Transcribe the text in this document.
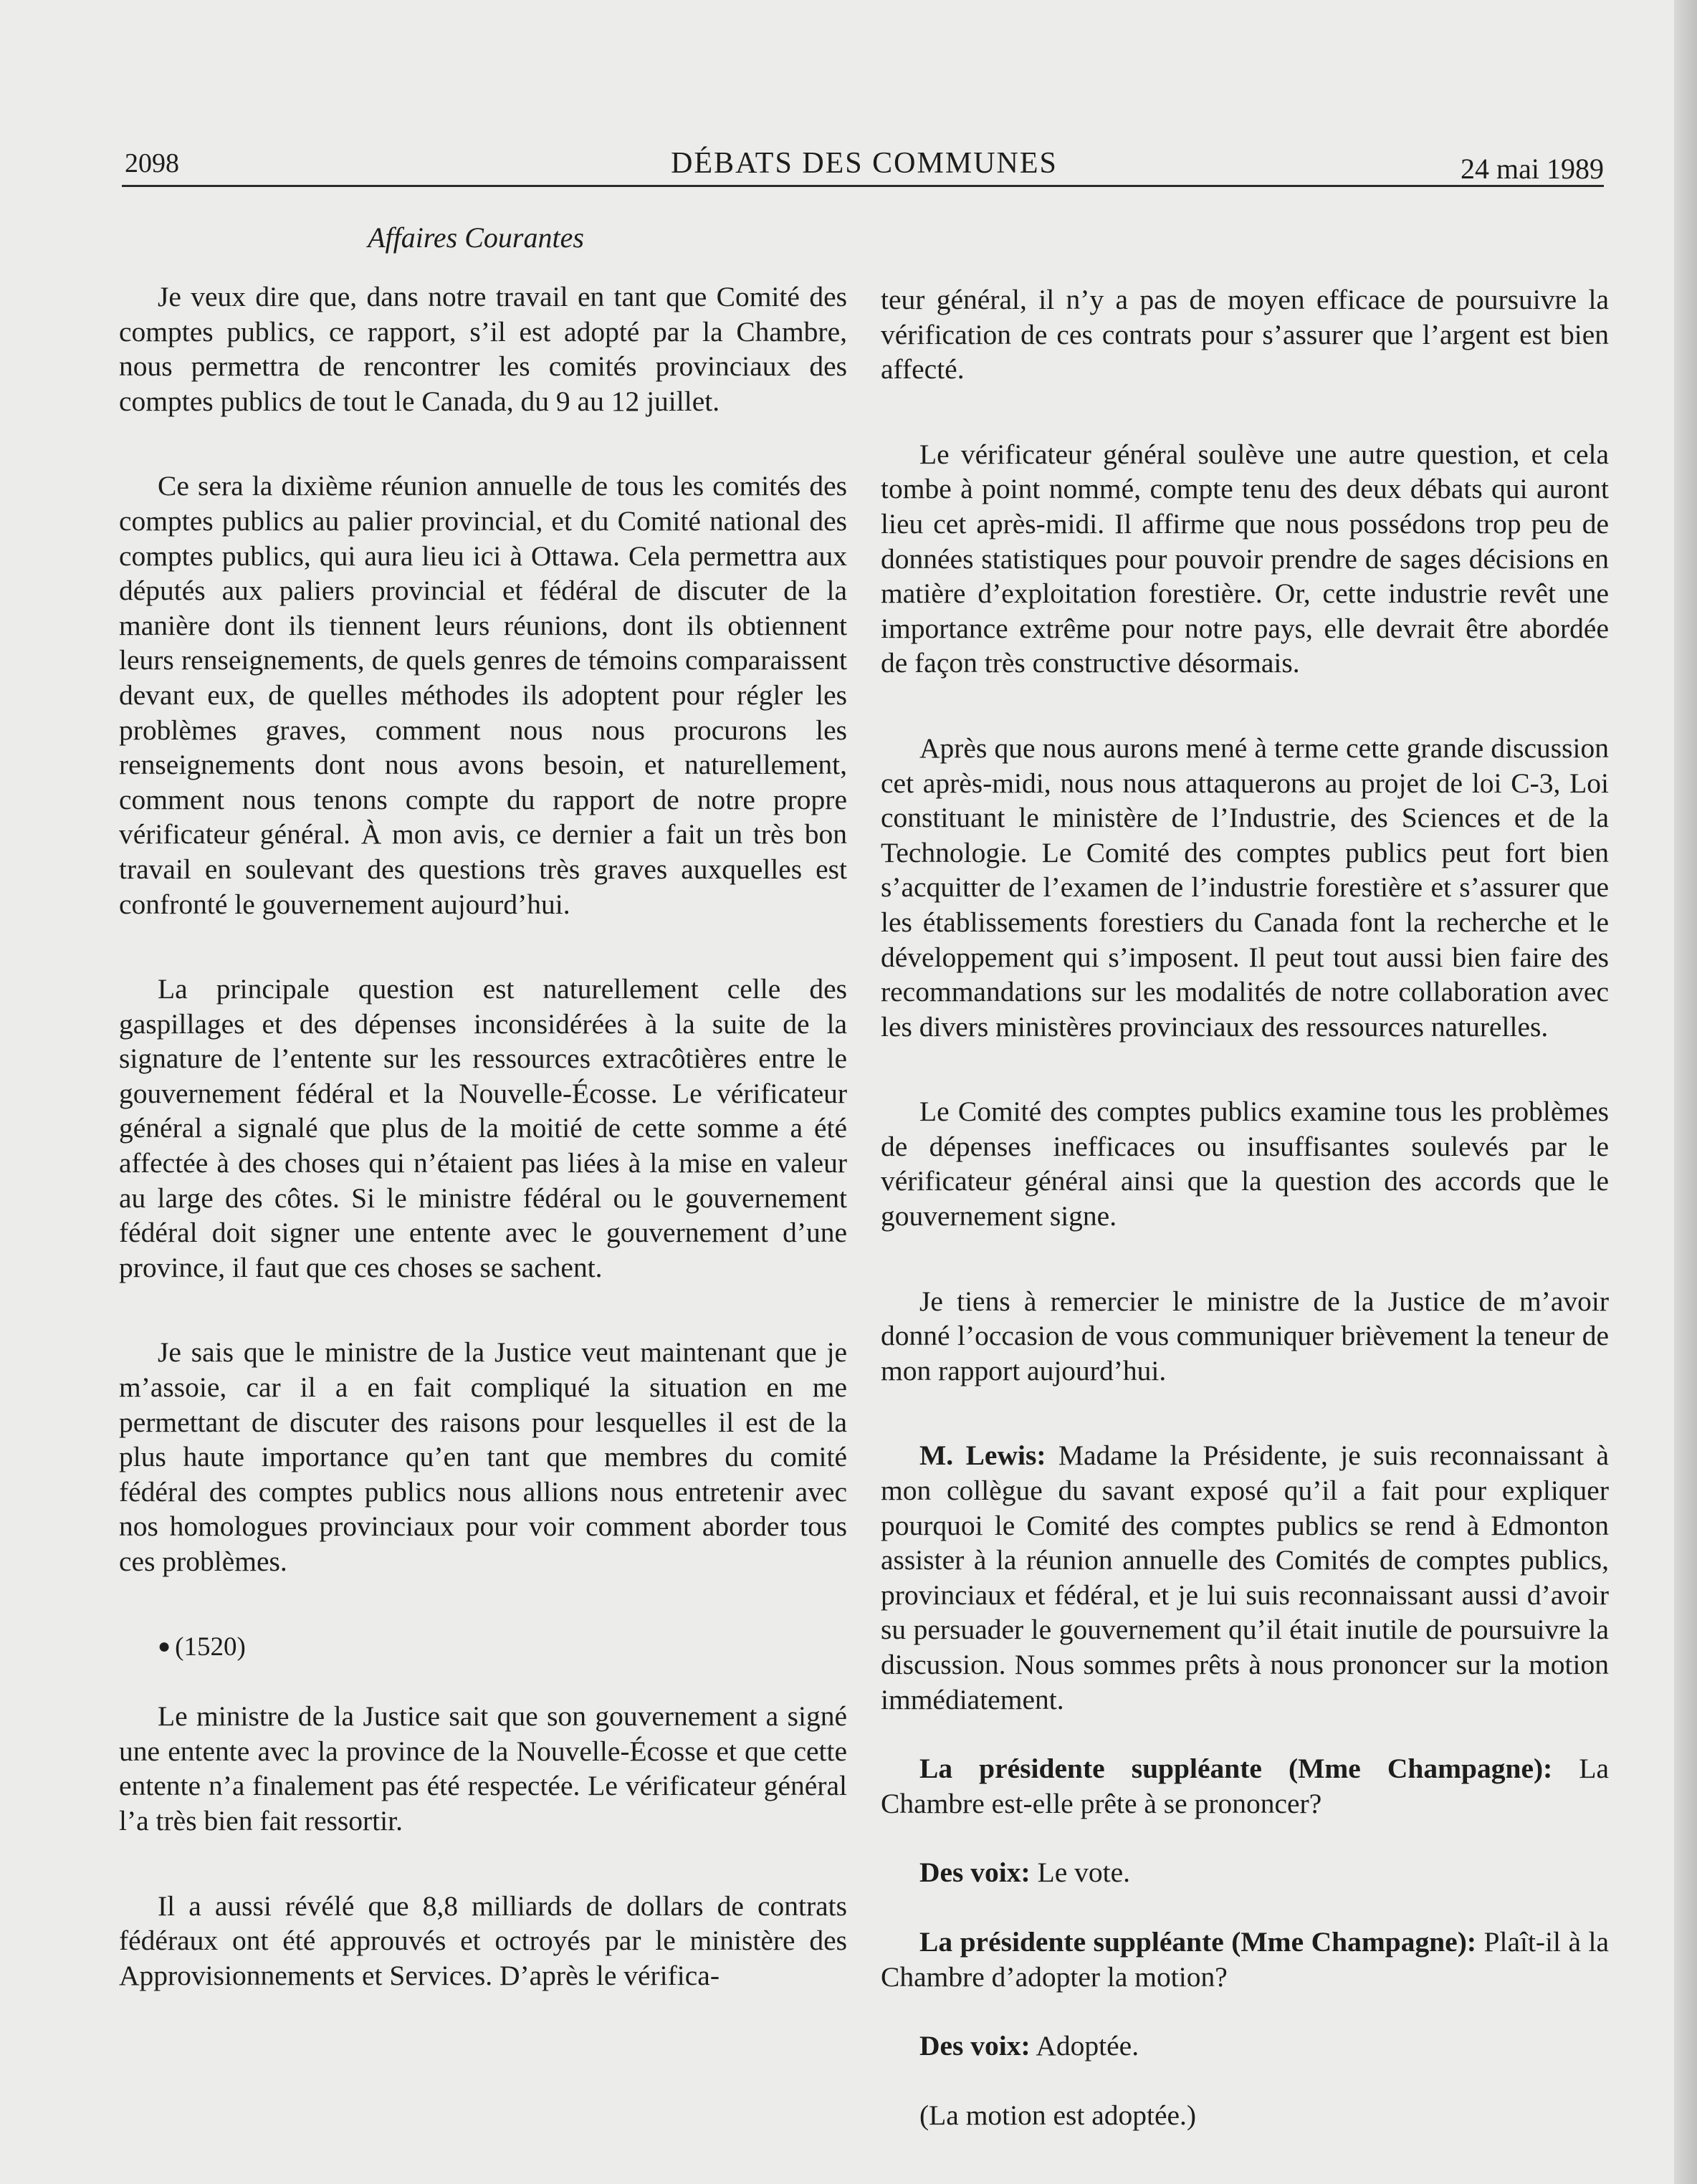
2098	DÉBATS DES COMMUNES	24 mai 1989
Affaires Courantes

Je veux dire que, dans notre travail en tant que Comité des comptes publics, ce rapport, s’il est adopté par la Chambre, nous permettra de rencontrer les comités provinciaux des comptes publics de tout le Canada, du 9 au 12 juillet.

Ce sera la dixième réunion annuelle de tous les comités des comptes publics au palier provincial, et du Comité national des comptes publics, qui aura lieu ici à Ottawa. Cela permettra aux députés aux paliers provincial et fédéral de discuter de la manière dont ils tiennent leurs réunions, dont ils obtiennent leurs renseignements, de quels genres de témoins comparaissent devant eux, de quelles méthodes ils adoptent pour régler les problèmes graves, comment nous nous procurons les renseignements dont nous avons besoin, et naturellement, comment nous tenons compte du rapport de notre propre vérificateur général. À mon avis, ce dernier a fait un très bon travail en soulevant des questions très graves auxquelles est confronté le gouvernement aujourd’hui.

La principale question est naturellement celle des gaspillages et des dépenses inconsidérées à la suite de la signature de l’entente sur les ressources extracôtières entre le gouvernement fédéral et la Nouvelle-Écosse. Le vérificateur général a signalé que plus de la moitié de cette somme a été affectée à des choses qui n’étaient pas liées à la mise en valeur au large des côtes. Si le ministre fédéral ou le gouvernement fédéral doit signer une entente avec le gouvernement d’une province, il faut que ces choses se sachent.

Je sais que le ministre de la Justice veut maintenant que je m’assoie, car il a en fait compliqué la situation en me permettant de discuter des raisons pour lesquelles il est de la plus haute importance qu’en tant que membres du comité fédéral des comptes publics nous allions nous entretenir avec nos homologues provinciaux pour voir comment aborder tous ces problèmes.

● (1520)

Le ministre de la Justice sait que son gouvernement a signé une entente avec la province de la Nouvelle-Écosse et que cette entente n’a finalement pas été respectée. Le vérificateur général l’a très bien fait ressortir.

Il a aussi révélé que 8,8 milliards de dollars de contrats fédéraux ont été approuvés et octroyés par le ministère des Approvisionnements et Services. D’après le vérifica-

teur général, il n’y a pas de moyen efficace de poursuivre la vérification de ces contrats pour s’assurer que l’argent est bien affecté.

Le vérificateur général soulève une autre question, et cela tombe à point nommé, compte tenu des deux débats qui auront lieu cet après-midi. Il affirme que nous possédons trop peu de données statistiques pour pouvoir prendre de sages décisions en matière d’exploitation forestière. Or, cette industrie revêt une importance extrême pour notre pays, elle devrait être abordée de façon très constructive désormais.

Après que nous aurons mené à terme cette grande discussion cet après-midi, nous nous attaquerons au projet de loi C-3, Loi constituant le ministère de l’Industrie, des Sciences et de la Technologie. Le Comité des comptes publics peut fort bien s’acquitter de l’examen de l’industrie forestière et s’assurer que les établissements forestiers du Canada font la recherche et le développement qui s’imposent. Il peut tout aussi bien faire des recommandations sur les modalités de notre collaboration avec les divers ministères provinciaux des ressources naturelles.

Le Comité des comptes publics examine tous les problèmes de dépenses inefficaces ou insuffisantes soulevés par le vérificateur général ainsi que la question des accords que le gouvernement signe.

Je tiens à remercier le ministre de la Justice de m’avoir donné l’occasion de vous communiquer brièvement la teneur de mon rapport aujourd’hui.

M. Lewis: Madame la Présidente, je suis reconnaissant à mon collègue du savant exposé qu’il a fait pour expliquer pourquoi le Comité des comptes publics se rend à Edmonton assister à la réunion annuelle des Comités de comptes publics, provinciaux et fédéral, et je lui suis reconnaissant aussi d’avoir su persuader le gouvernement qu’il était inutile de poursuivre la discussion. Nous sommes prêts à nous prononcer sur la motion immédiatement.

La présidente suppléante (Mme Champagne): La Chambre est-elle prête à se prononcer?

Des voix: Le vote.

La présidente suppléante (Mme Champagne): Plaît-il à la Chambre d’adopter la motion?

Des voix: Adoptée.

(La motion est adoptée.)
